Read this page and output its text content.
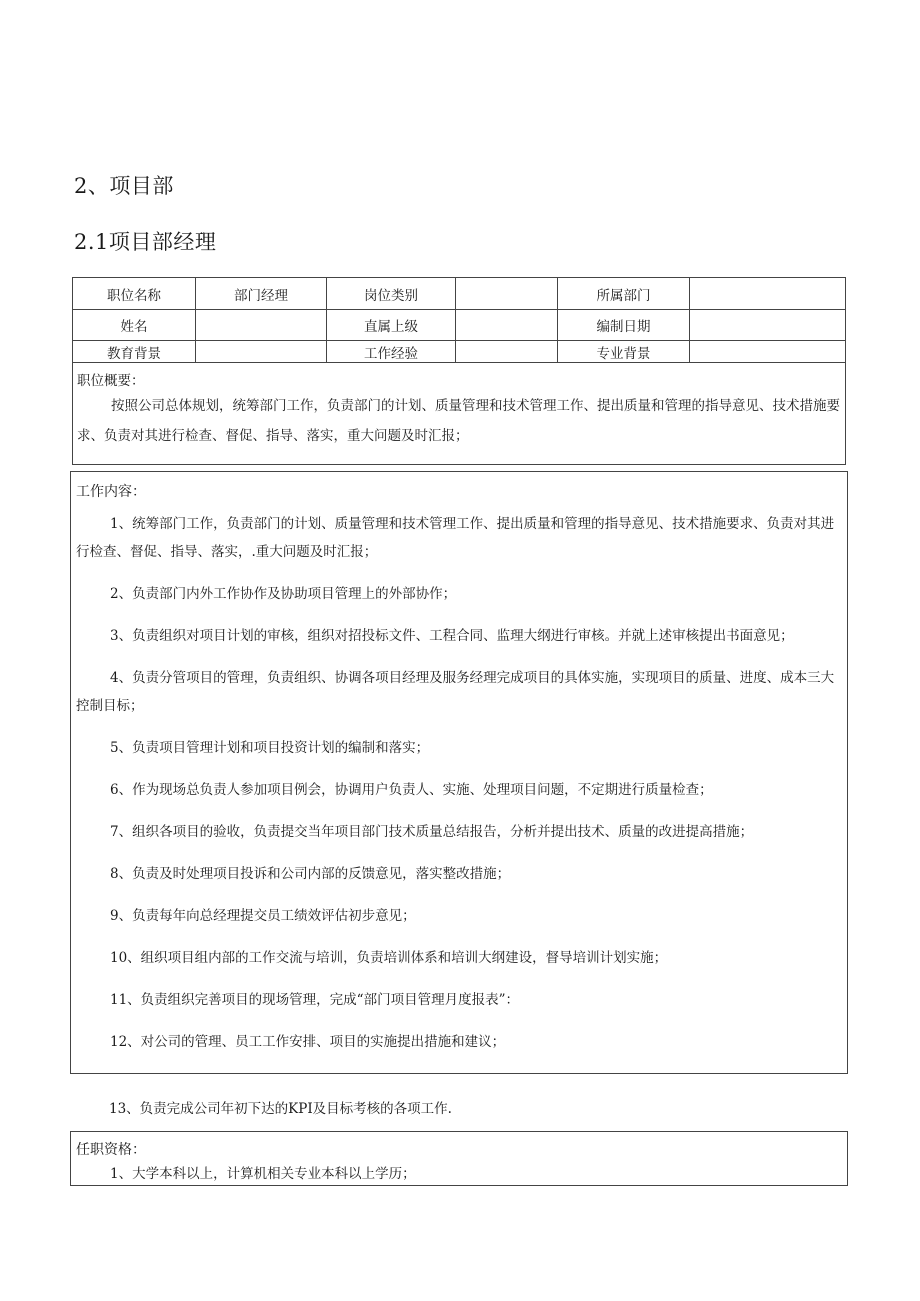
2、项目部
2.1项目部经理
职位名称	部门经理	岗位类别		所属部门	
姓名		直属上级		编制日期	
教育背景		工作经验		专业背景	

职位概要：
按照公司总体规划，统筹部门工作，负责部门的计划、质量管理和技术管理工作、提出质量和管理的指导意见、技术措施要求、负责对其进行检查、督促、指导、落实，重大问题及时汇报；					
工作内容：
1、统筹部门工作，负责部门的计划、质量管理和技术管理工作、提出质量和管理的指导意见、技术措施要求、负责对其进行检查、督促、指导、落实，.重大问题及时汇报；
2、负责部门内外工作协作及协助项目管理上的外部协作；
3、负责组织对项目计划的审核，组织对招投标文件、工程合同、监理大纲进行审核。并就上述审核提出书面意见；
4、负责分管项目的管理，负责组织、协调各项目经理及服务经理完成项目的具体实施，实现项目的质量、进度、成本三大控制目标；
5、负责项目管理计划和项目投资计划的编制和落实；
6、作为现场总负责人参加项目例会，协调用户负责人、实施、处理项目问题，不定期进行质量检查；
7、组织各项目的验收，负责提交当年项目部门技术质量总结报告，分析并提出技术、质量的改进提高措施；
8、负责及时处理项目投诉和公司内部的反馈意见，落实整改措施；
9、负责每年向总经理提交员工绩效评估初步意见；
10、组织项目组内部的工作交流与培训，负责培训体系和培训大纲建设，督导培训计划实施；
11、负责组织完善项目的现场管理，完成“部门项目管理月度报表”：
12、对公司的管理、员工工作安排、项目的实施提出措施和建议；
13、负责完成公司年初下达的KPI及目标考核的各项工作.
任职资格：
1、大学本科以上，计算机相关专业本科以上学历；
